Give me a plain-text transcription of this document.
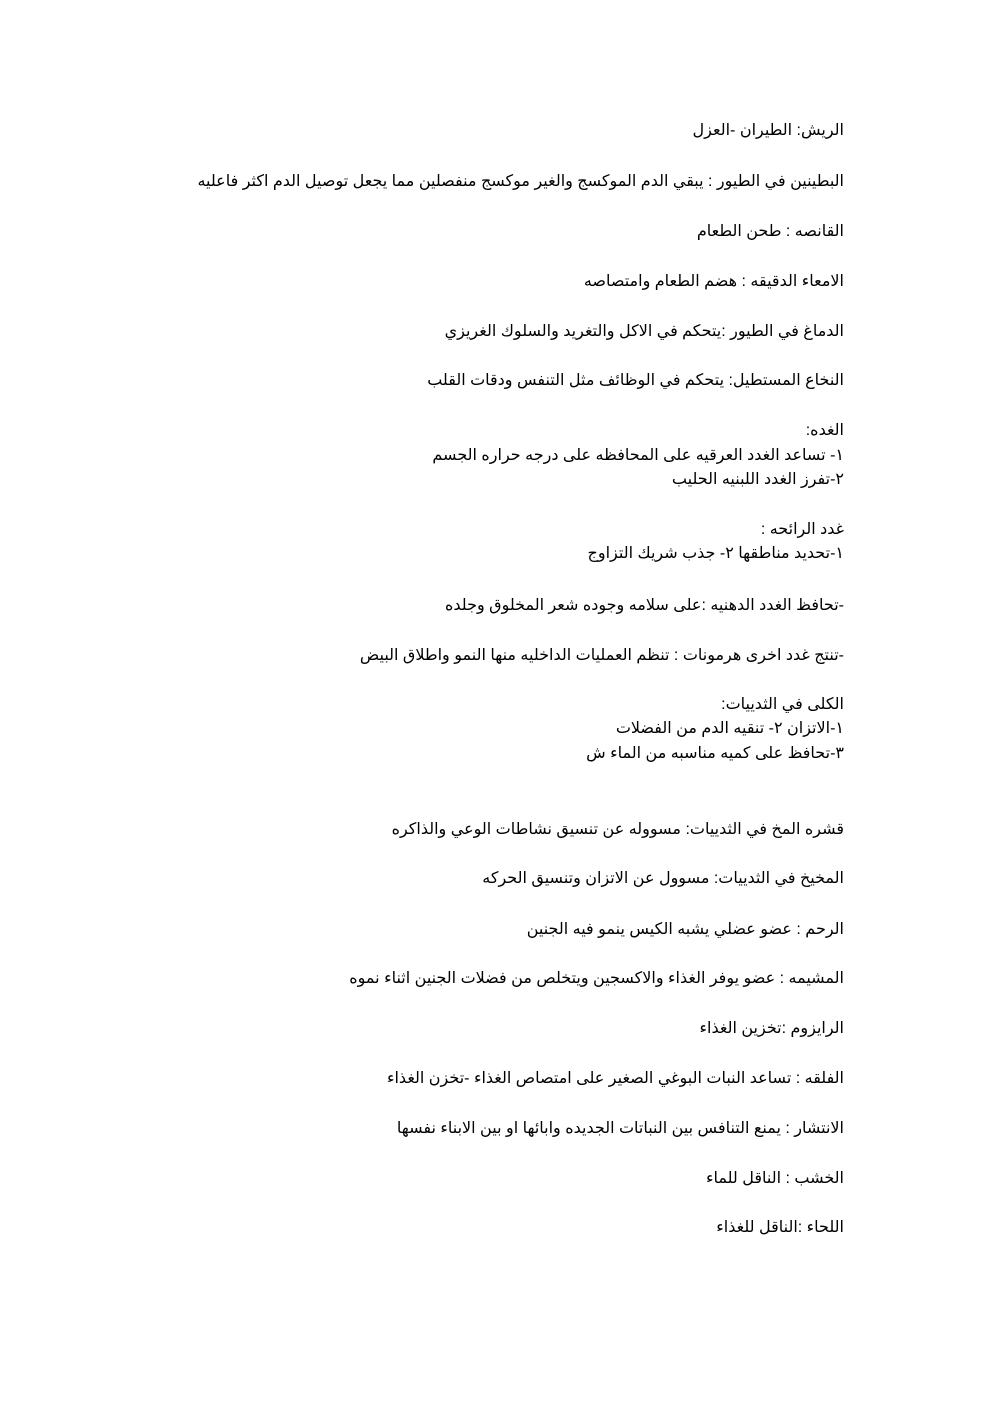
الريش: الطيران -العزل
البطينين في الطيور : يبقي الدم الموكسج والغير موكسج منفصلين مما يجعل توصيل الدم اكثر فاعليه
القانصه : طحن الطعام
الامعاء الدقيقه : هضم الطعام وامتصاصه
الدماغ في الطيور :يتحكم في الاكل والتغريد والسلوك الغريزي
النخاع المستطيل: يتحكم في الوظائف مثل التنفس ودقات القلب
الغده:
١- تساعد الغدد العرقيه على المحافظه على درجه حراره الجسم
٢-تفرز الغدد اللبنيه الحليب
غدد الرائحه :
١-تحديد مناطقها ٢- جذب شريك التزاوج
-تحافظ الغدد الدهنيه :على سلامه وجوده شعر المخلوق وجلده
-تنتج غدد اخرى هرمونات : تنظم العمليات الداخليه منها النمو واطلاق البيض
الكلى في الثدييات:
١-الاتزان ٢- تنقيه الدم من الفضلات
٣-تحافظ على كميه مناسبه من الماء ش
قشره المخ في الثدييات: مسووله عن تنسيق نشاطات الوعي والذاكره
المخيخ في الثدييات: مسوول عن الاتزان وتنسيق الحركه
الرحم : عضو عضلي يشبه الكيس ينمو فيه الجنين
المشيمه : عضو يوفر الغذاء والاكسجين ويتخلص من فضلات الجنين اثناء نموه
الرايزوم :تخزين الغذاء
الفلقه : تساعد النبات البوغي الصغير على امتصاص الغذاء -تخزن الغذاء
الانتشار : يمنع التنافس بين النباتات الجديده وابائها او بين الابناء نفسها
الخشب : الناقل للماء
اللحاء :الناقل للغذاء
